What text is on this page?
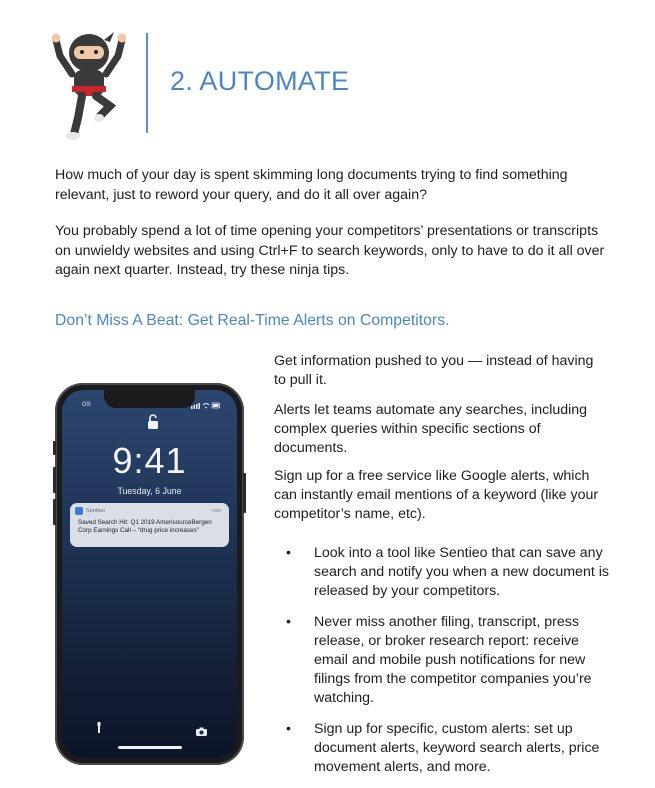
2. AUTOMATE

How much of your day is spent skimming long documents trying to find something relevant, just to reword your query, and do it all over again?

You probably spend a lot of time opening your competitors’ presentations or transcripts on unwieldy websites and using Ctrl+F to search keywords, only to have to do it all over again next quarter. Instead, try these ninja tips.

Don’t Miss A Beat: Get Real-Time Alerts on Competitors.
GS
9:41
Tuesday, 6 June
Sentieo	now
Saved Search Hit: Q1 2019 AmerisourceBergen Corp Earnings Call – “drug price increases”

Get information pushed to you — instead of having to pull it.

Alerts let teams automate any searches, including complex queries within specific sections of documents.

Sign up for a free service like Google alerts, which can instantly email mentions of a keyword (like your competitor’s name, etc).

• Look into a tool like Sentieo that can save any search and notify you when a new document is released by your competitors.
• Never miss another filing, transcript, press release, or broker research report: receive email and mobile push notifications for new filings from the competitor companies you’re watching.
• Sign up for specific, custom alerts: set up document alerts, keyword search alerts, price movement alerts, and more.
